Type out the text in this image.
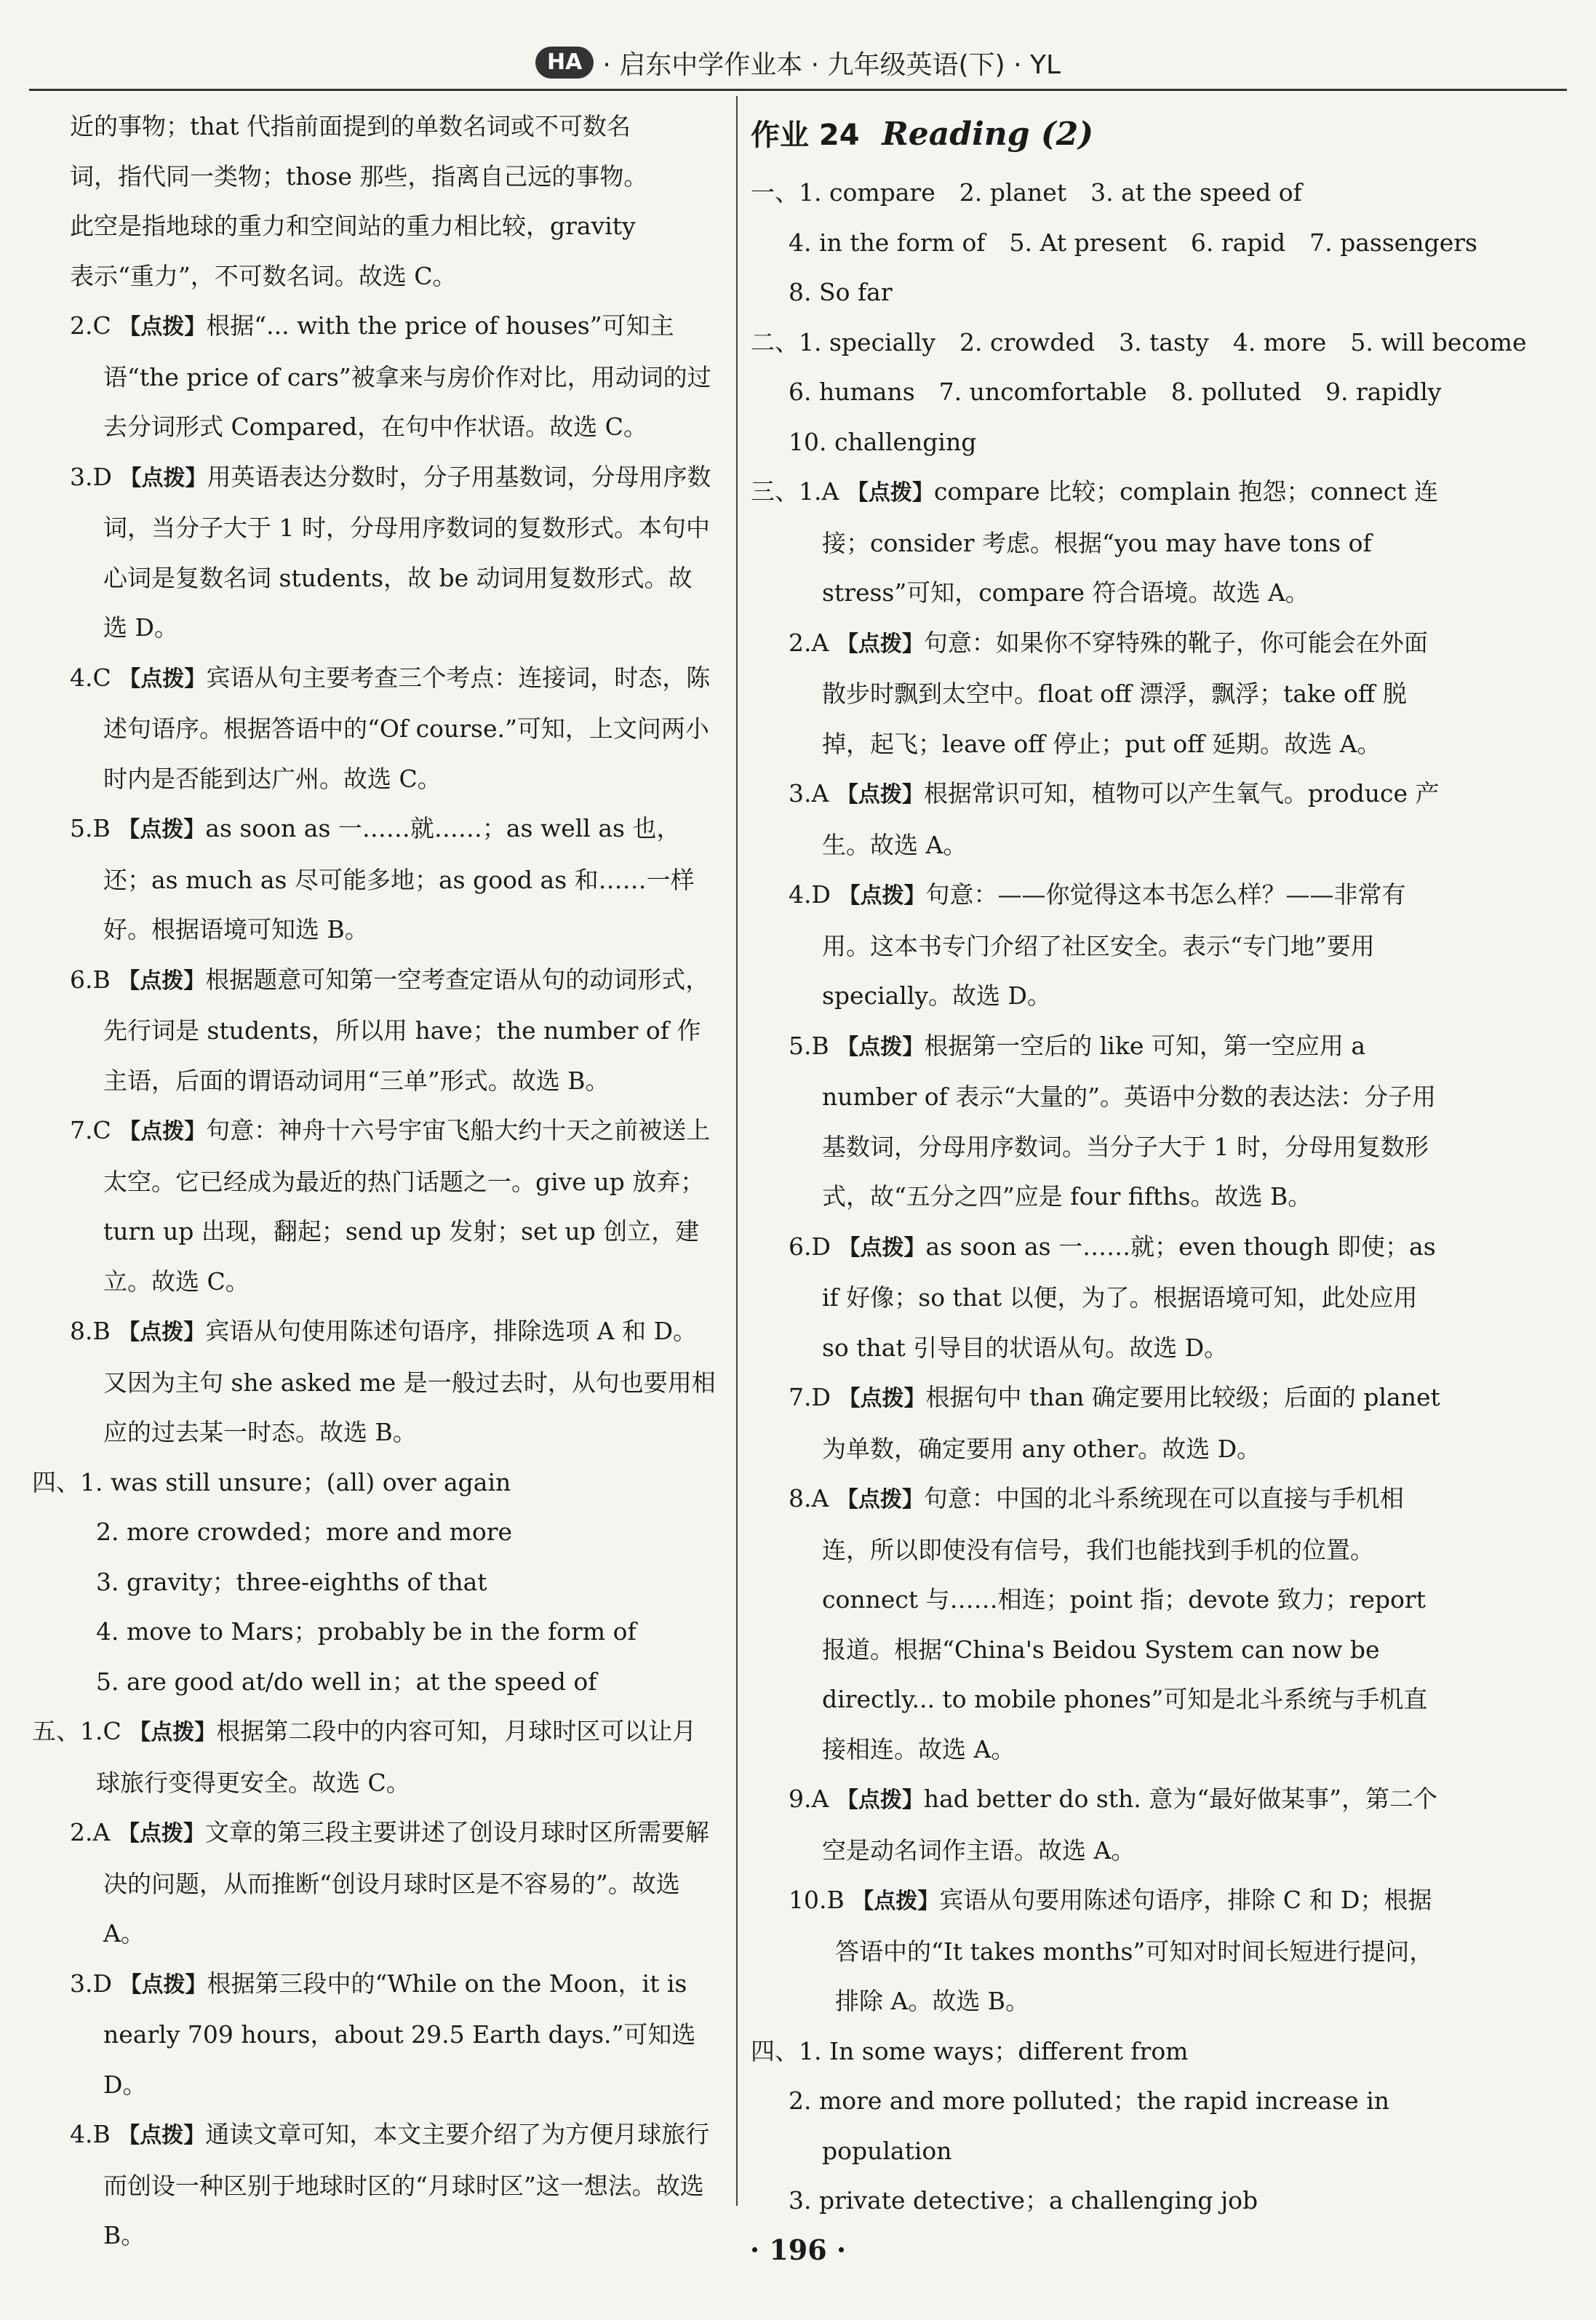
HA · 启东中学作业本 · 九年级英语(下) · YL
近的事物；that 代指前面提到的单数名词或不可数名
词，指代同一类物；those 那些，指离自己远的事物。
此空是指地球的重力和空间站的重力相比较，gravity
表示“重力”，不可数名词。故选 C。
2.C 【点拨】根据“... with the price of houses”可知主语“the price of cars”被拿来与房价作对比，用动词的过去分词形式 Compared，在句中作状语。故选 C。
3.D 【点拨】用英语表达分数时，分子用基数词，分母用序数词，当分子大于 1 时，分母用序数词的复数形式。本句中心词是复数名词 students，故 be 动词用复数形式。故选 D。
4.C 【点拨】宾语从句主要考查三个考点：连接词，时态，陈述句语序。根据答语中的“Of course.”可知，上文问两小时内是否能到达广州。故选 C。
5.B 【点拨】as soon as 一……就……；as well as 也，还；as much as 尽可能多地；as good as 和……一样好。根据语境可知选 B。
6.B 【点拨】根据题意可知第一空考查定语从句的动词形式，先行词是 students，所以用 have；the number of 作主语，后面的谓语动词用“三单”形式。故选 B。
7.C 【点拨】句意：神舟十六号宇宙飞船大约十天之前被送上太空。它已经成为最近的热门话题之一。give up 放弃；turn up 出现，翻起；send up 发射；set up 创立，建立。故选 C。
8.B 【点拨】宾语从句使用陈述句语序，排除选项 A 和 D。又因为主句 she asked me 是一般过去时，从句也要用相应的过去某一时态。故选 B。
四、1. was still unsure；(all) over again
2. more crowded；more and more
3. gravity；three-eighths of that
4. move to Mars；probably be in the form of
5. are good at/do well in；at the speed of
五、1.C 【点拨】根据第二段中的内容可知，月球时区可以让月球旅行变得更安全。故选 C。
2.A 【点拨】文章的第三段主要讲述了创设月球时区所需要解决的问题，从而推断“创设月球时区是不容易的”。故选 A。
3.D 【点拨】根据第三段中的“While on the Moon，it is nearly 709 hours，about 29.5 Earth days.”可知选 D。
4.B 【点拨】通读文章可知，本文主要介绍了为方便月球旅行而创设一种区别于地球时区的“月球时区”这一想法。故选 B。
作业 24 Reading (2)
一、1. compare　2. planet　3. at the speed of
4. in the form of　5. At present　6. rapid　7. passengers
8. So far
二、1. specially　2. crowded　3. tasty　4. more　5. will become
6. humans　7. uncomfortable　8. polluted　9. rapidly
10. challenging
三、1.A 【点拨】compare 比较；complain 抱怨；connect 连接；consider 考虑。根据“you may have tons of stress”可知，compare 符合语境。故选 A。
2.A 【点拨】句意：如果你不穿特殊的靴子，你可能会在外面散步时飘到太空中。float off 漂浮，飘浮；take off 脱掉，起飞；leave off 停止；put off 延期。故选 A。
3.A 【点拨】根据常识可知，植物可以产生氧气。produce 产生。故选 A。
4.D 【点拨】句意：——你觉得这本书怎么样？——非常有用。这本书专门介绍了社区安全。表示“专门地”要用 specially。故选 D。
5.B 【点拨】根据第一空后的 like 可知，第一空应用 a number of 表示“大量的”。英语中分数的表达法：分子用基数词，分母用序数词。当分子大于 1 时，分母用复数形式，故“五分之四”应是 four fifths。故选 B。
6.D 【点拨】as soon as 一……就；even though 即使；as if 好像；so that 以便，为了。根据语境可知，此处应用 so that 引导目的状语从句。故选 D。
7.D 【点拨】根据句中 than 确定要用比较级；后面的 planet 为单数，确定要用 any other。故选 D。
8.A 【点拨】句意：中国的北斗系统现在可以直接与手机相连，所以即使没有信号，我们也能找到手机的位置。connect 与……相连；point 指；devote 致力；report 报道。根据“China's Beidou System can now be directly... to mobile phones”可知是北斗系统与手机直接相连。故选 A。
9.A 【点拨】had better do sth. 意为“最好做某事”，第二个空是动名词作主语。故选 A。
10.B 【点拨】宾语从句要用陈述句语序，排除 C 和 D；根据答语中的“It takes months”可知对时间长短进行提问，排除 A。故选 B。
四、1. In some ways；different from
2. more and more polluted；the rapid increase in population
3. private detective；a challenging job
· 196 ·
